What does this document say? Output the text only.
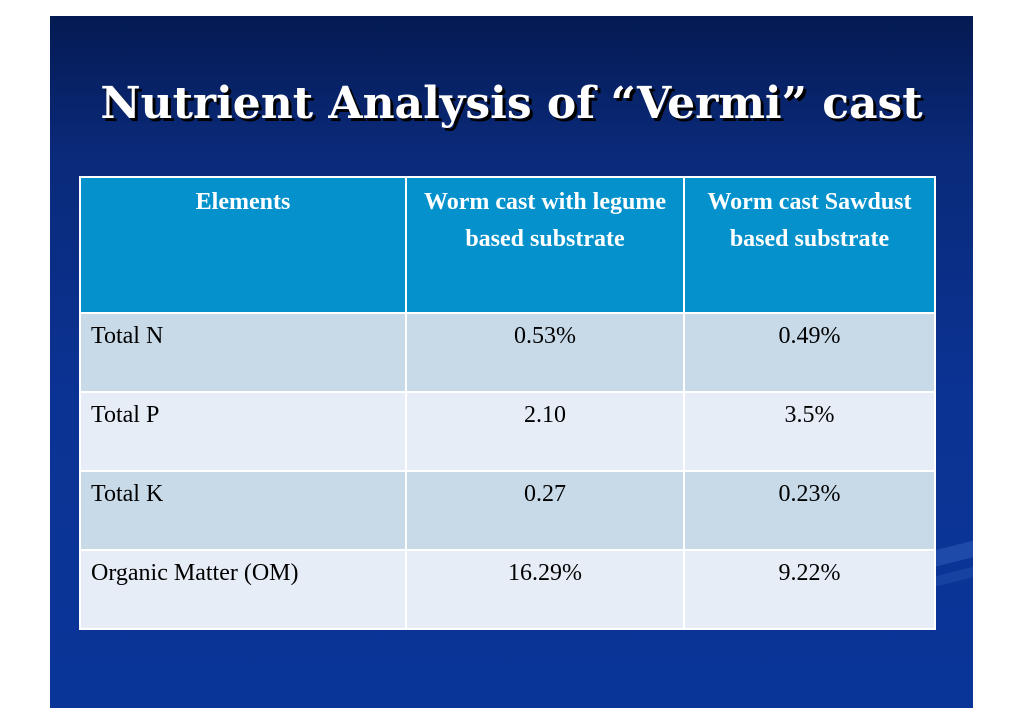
Nutrient Analysis of “Vermi” cast
Elements	Worm cast with legume based substrate	Worm cast Sawdust based substrate
Total N	0.53%	0.49%
Total P	2.10	3.5%
Total K	0.27	0.23%
Organic Matter (OM)	16.29%	9.22%
